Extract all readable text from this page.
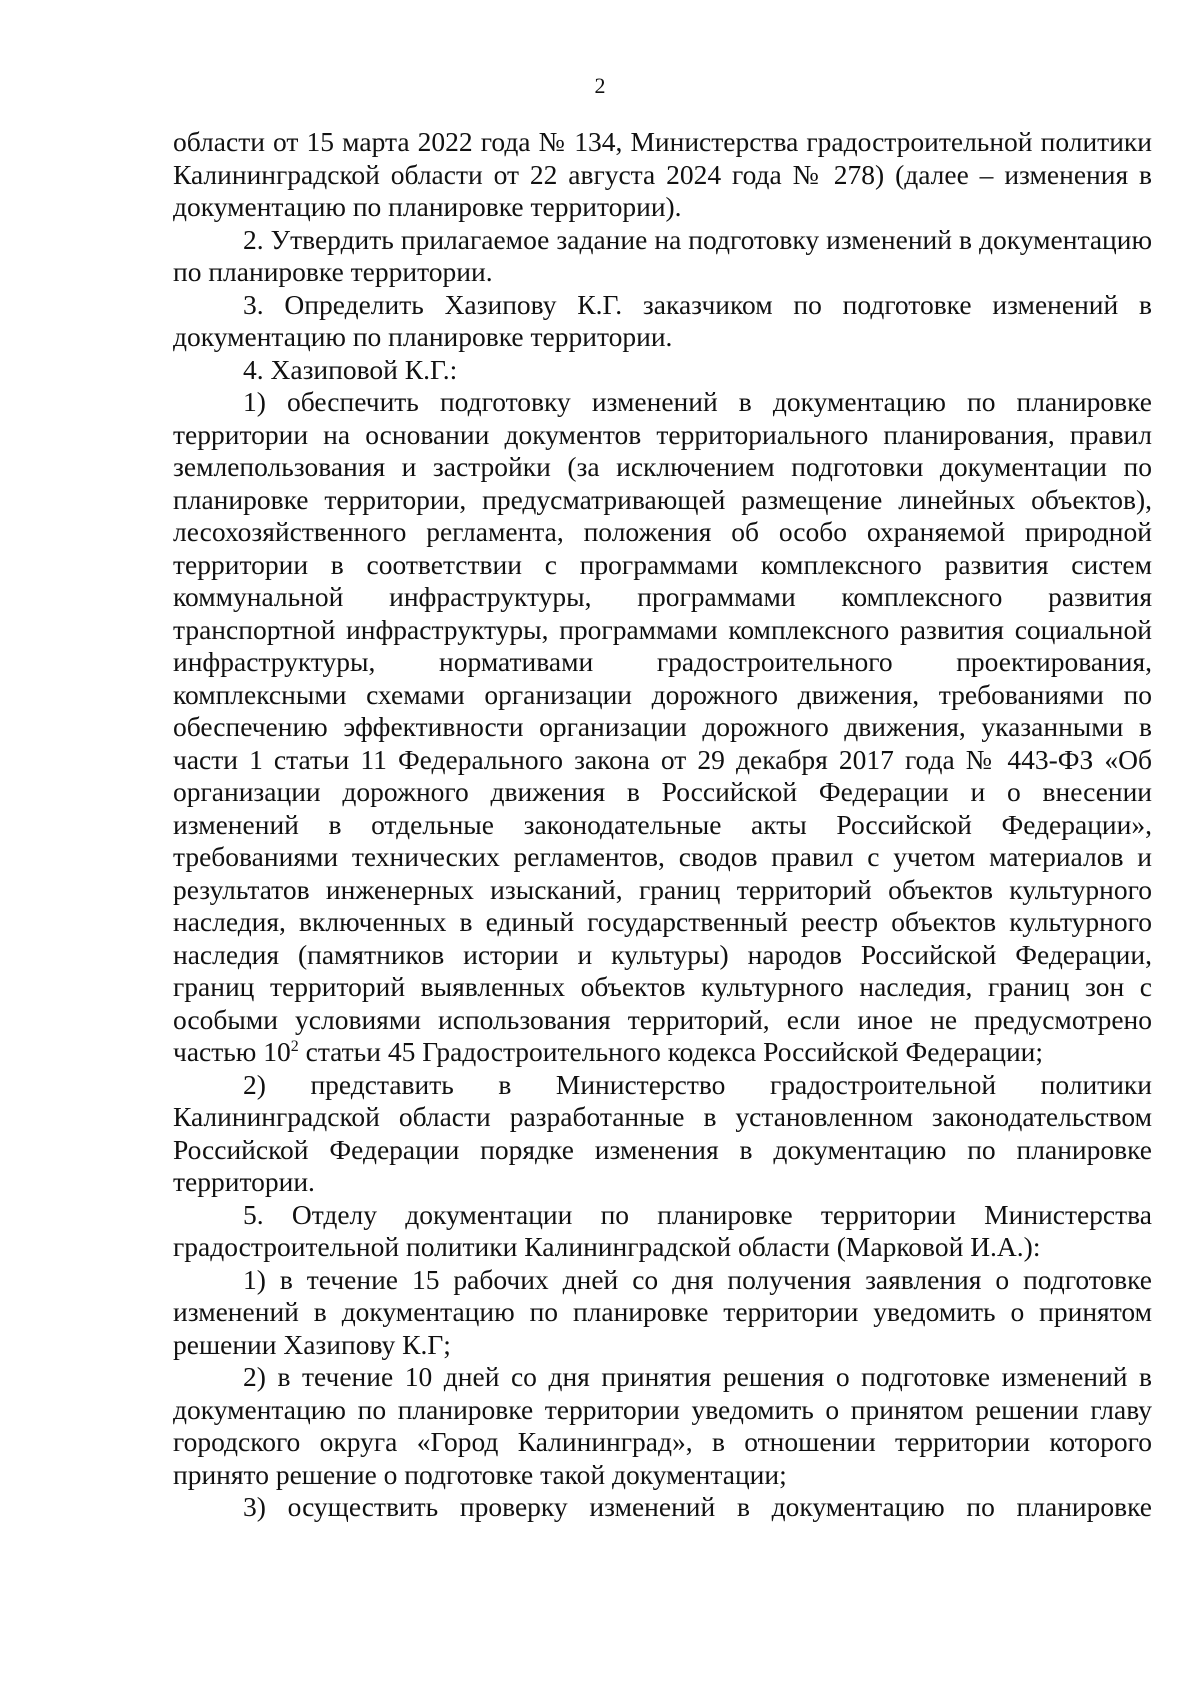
2

области от 15 марта 2022 года № 134, Министерства градостроительной политики Калининградской области от 22 августа 2024 года № 278) (далее – изменения в документацию по планировке территории).

2. Утвердить прилагаемое задание на подготовку изменений в документацию по планировке территории.

3. Определить Хазипову К.Г. заказчиком по подготовке изменений в документацию по планировке территории.

4. Хазиповой К.Г.:

1) обеспечить подготовку изменений в документацию по планировке территории на основании документов территориального планирования, правил землепользования и застройки (за исключением подготовки документации по планировке территории, предусматривающей размещение линейных объектов), лесохозяйственного регламента, положения об особо охраняемой природной территории в соответствии с программами комплексного развития систем коммунальной инфраструктуры, программами комплексного развития транспортной инфраструктуры, программами комплексного развития социальной инфраструктуры, нормативами градостроительного проектирования, комплексными схемами организации дорожного движения, требованиями по обеспечению эффективности организации дорожного движения, указанными в части 1 статьи 11 Федерального закона от 29 декабря 2017 года № 443-ФЗ «Об организации дорожного движения в Российской Федерации и о внесении изменений в отдельные законодательные акты Российской Федерации», требованиями технических регламентов, сводов правил с учетом материалов и результатов инженерных изысканий, границ территорий объектов культурного наследия, включенных в единый государственный реестр объектов культурного наследия (памятников истории и культуры) народов Российской Федерации, границ территорий выявленных объектов культурного наследия, границ зон с особыми условиями использования территорий, если иное не предусмотрено частью $10^2$ статьи 45 Градостроительного кодекса Российской Федерации;

2) представить в Министерство градостроительной политики Калининградской области разработанные в установленном законодательством Российской Федерации порядке изменения в документацию по планировке территории.

5. Отделу документации по планировке территории Министерства градостроительной политики Калининградской области (Марковой И.А.):

1) в течение 15 рабочих дней со дня получения заявления о подготовке изменений в документацию по планировке территории уведомить о принятом решении Хазипову К.Г;

2) в течение 10 дней со дня принятия решения о подготовке изменений в документацию по планировке территории уведомить о принятом решении главу городского округа «Город Калининград», в отношении территории которого принято решение о подготовке такой документации;

3) осуществить проверку изменений в документацию по планировке
